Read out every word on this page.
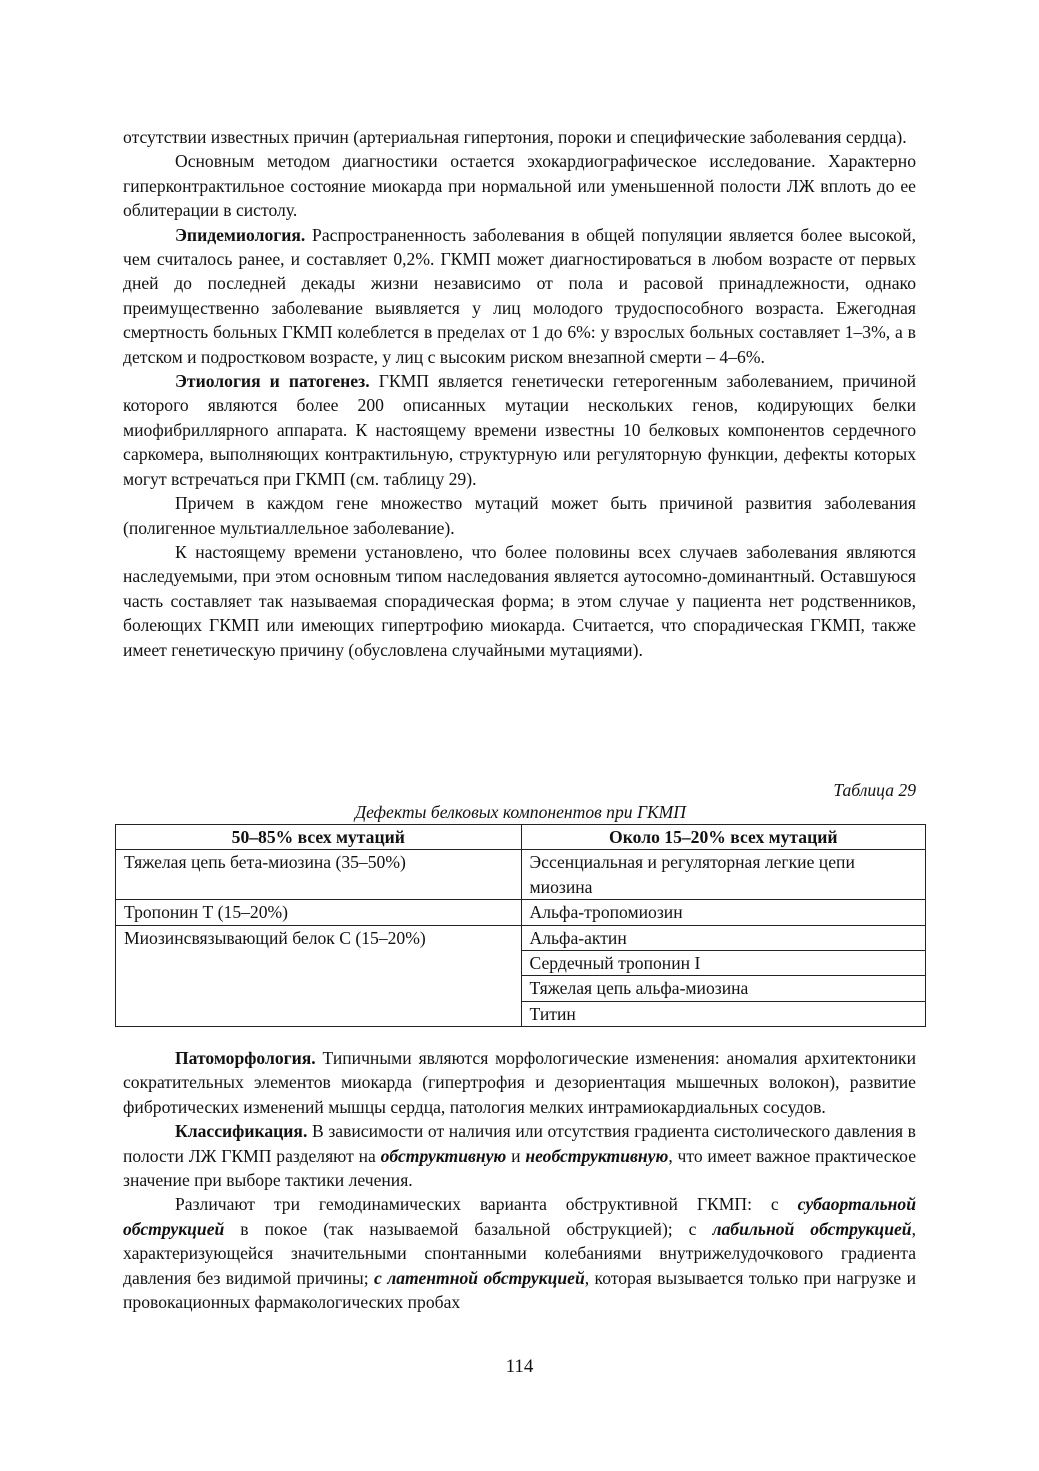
отсутствии известных причин (артериальная гипертония, пороки и специфические заболевания сердца).

Основным методом диагностики остается эхокардиографическое исследование. Характерно гиперконтрактильное состояние миокарда при нормальной или уменьшенной полости ЛЖ вплоть до ее облитерации в систолу.

Эпидемиология. Распространенность заболевания в общей популяции является более высокой, чем считалось ранее, и составляет 0,2%. ГКМП может диагностироваться в любом возрасте от первых дней до последней декады жизни независимо от пола и расовой принадлежности, однако преимущественно заболевание выявляется у лиц молодого трудоспособного возраста. Ежегодная смертность больных ГКМП колеблется в пределах от 1 до 6%: у взрослых больных составляет 1–3%, а в детском и подростковом возрасте, у лиц с высоким риском внезапной смерти – 4–6%.

Этиология и патогенез. ГКМП является генетически гетерогенным заболеванием, причиной которого являются более 200 описанных мутации нескольких генов, кодирующих белки миофибриллярного аппарата. К настоящему времени известны 10 белковых компонентов сердечного саркомера, выполняющих контрактильную, структурную или регуляторную функции, дефекты которых могут встречаться при ГКМП (см. таблицу 29).

Причем в каждом гене множество мутаций может быть причиной развития заболевания (полигенное мультиаллельное заболевание).

К настоящему времени установлено, что более половины всех случаев заболевания являются наследуемыми, при этом основным типом наследования является аутосомно-доминантный. Оставшуюся часть составляет так называемая спорадическая форма; в этом случае у пациента нет родственников, болеющих ГКМП или имеющих гипертрофию миокарда. Считается, что спорадическая ГКМП, также имеет генетическую причину (обусловлена случайными мутациями).

Таблица 29
Дефекты белковых компонентов при ГКМП
50–85% всех мутаций	Около 15–20% всех мутаций
Тяжелая цепь бета-миозина (35–50%)	Эссенциальная и регуляторная легкие цепи миозина
Тропонин Т (15–20%)	Альфа-тропомиозин
Миозинсвязывающий белок С (15–20%)	Альфа-актин
	Сердечный тропонин I
	Тяжелая цепь альфа-миозина
	Титин

Патоморфология. Типичными являются морфологические изменения: аномалия архитектоники сократительных элементов миокарда (гипертрофия и дезориентация мышечных волокон), развитие фибротических изменений мышцы сердца, патология мелких интрамиокардиальных сосудов.

Классификация. В зависимости от наличия или отсутствия градиента систолического давления в полости ЛЖ ГКМП разделяют на обструктивную и необструктивную, что имеет важное практическое значение при выборе тактики лечения.

Различают три гемодинамических варианта обструктивной ГКМП: с субаортальной обструкцией в покое (так называемой базальной обструкцией); с лабильной обструкцией, характеризующейся значительными спонтанными колебаниями внутрижелудочкового градиента давления без видимой причины; с латентной обструкцией, которая вызывается только при нагрузке и провокационных фармакологических пробах

114
